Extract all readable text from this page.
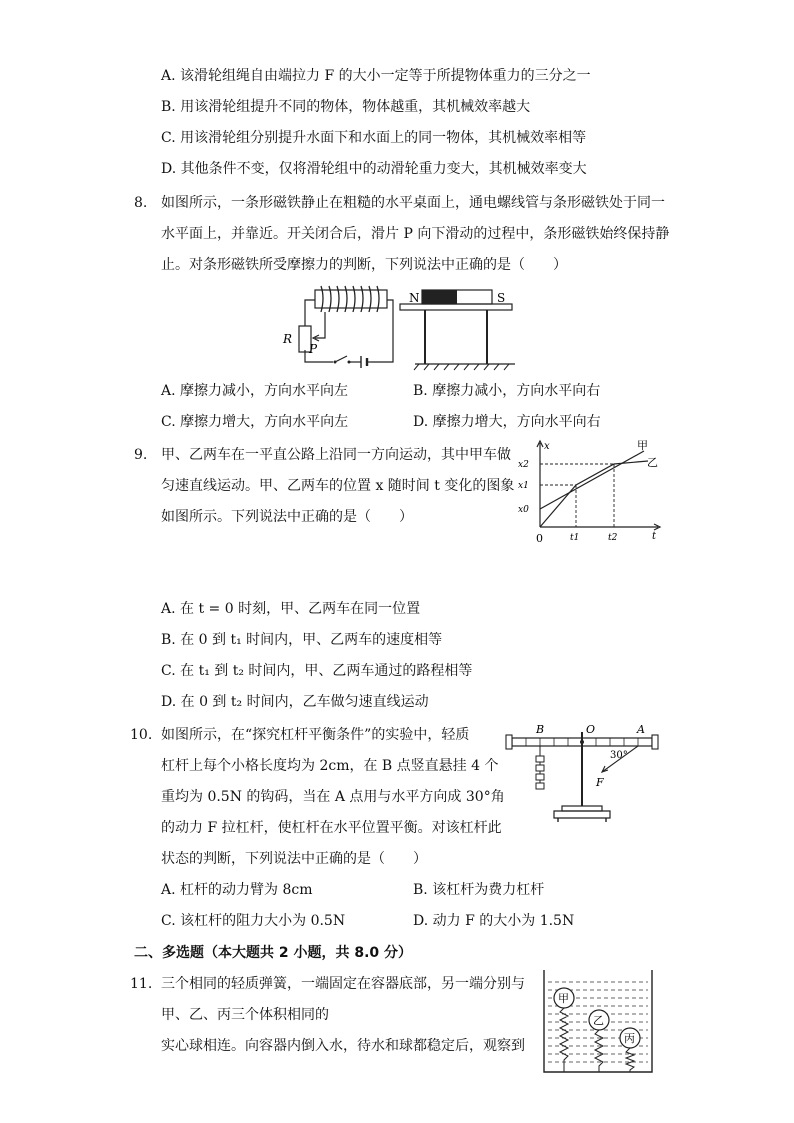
A. 该滑轮组绳自由端拉力 F 的大小一定等于所提物体重力的三分之一
B. 用该滑轮组提升不同的物体，物体越重，其机械效率越大
C. 用该滑轮组分别提升水面下和水面上的同一物体，其机械效率相等
D. 其他条件不变，仅将滑轮组中的动滑轮重力变大，其机械效率变大
8. 如图所示，一条形磁铁静止在粗糙的水平桌面上，通电螺线管与条形磁铁处于同一
水平面上，并靠近。开关闭合后，滑片 P 向下滑动的过程中，条形磁铁始终保持静
止。对条形磁铁所受摩擦力的判断，下列说法中正确的是（　　）
R
P
N	S
A. 摩擦力减小，方向水平向左	B. 摩擦力减小，方向水平向右
C. 摩擦力增大，方向水平向左	D. 摩擦力增大，方向水平向右
9. 甲、乙两车在一平直公路上沿同一方向运动，其中甲车做
匀速直线运动。甲、乙两车的位置 x 随时间 t 变化的图象
如图所示。下列说法中正确的是（　　）
x
t
0
x2
x1
x0
t1	t2
甲
乙
A. 在 t = 0 时刻，甲、乙两车在同一位置
B. 在 0 到 t₁ 时间内，甲、乙两车的速度相等
C. 在 t₁ 到 t₂ 时间内，甲、乙两车通过的路程相等
D. 在 0 到 t₂ 时间内，乙车做匀速直线运动
10. 如图所示，在“探究杠杆平衡条件”的实验中，轻质
杠杆上每个小格长度均为 2cm，在 B 点竖直悬挂 4 个
重均为 0.5N 的钩码，当在 A 点用与水平方向成 30°角
的动力 F 拉杠杆，使杠杆在水平位置平衡。对该杠杆此
状态的判断，下列说法中正确的是（　　）
B	O	A
30°
F
A. 杠杆的动力臂为 8cm	B. 该杠杆为费力杠杆
C. 该杠杆的阻力大小为 0.5N	D. 动力 F 的大小为 1.5N
二、多选题（本大题共 2 小题，共 8.0 分）
11. 三个相同的轻质弹簧，一端固定在容器底部，另一端分别与
甲、乙、丙三个体积相同的
实心球相连。向容器内倒入水，待水和球都稳定后，观察到
甲
乙
丙
